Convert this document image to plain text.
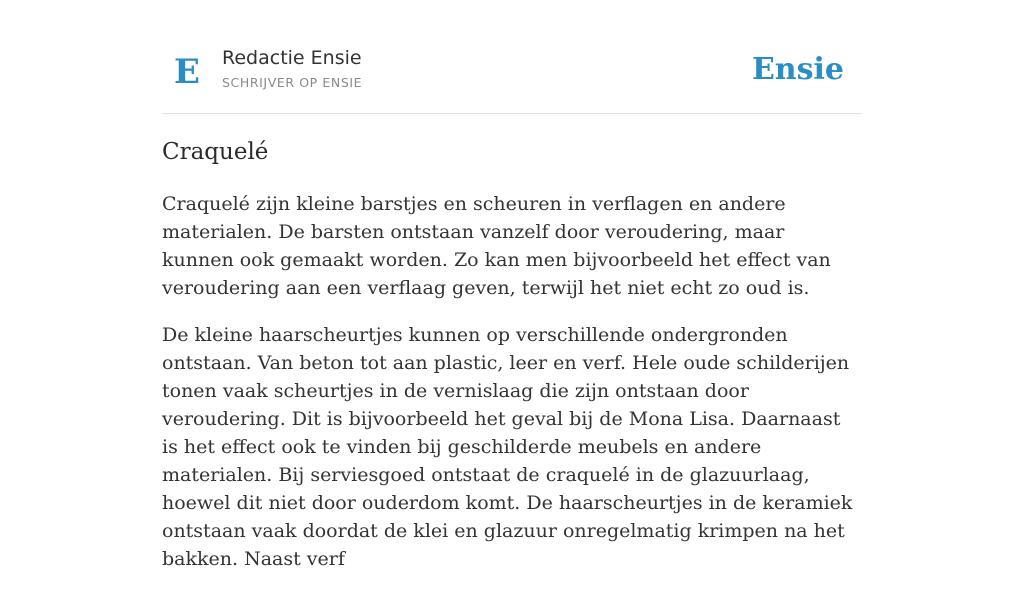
E Redactie Ensie
SCHRIJVER OP ENSIE	Ensie
Craquelé

Craquelé zijn kleine barstjes en scheuren in verflagen en andere materialen. De barsten ontstaan vanzelf door veroudering, maar kunnen ook gemaakt worden. Zo kan men bijvoorbeeld het effect van veroudering aan een verflaag geven, terwijl het niet echt zo oud is.

De kleine haarscheurtjes kunnen op verschillende ondergronden ontstaan. Van beton tot aan plastic, leer en verf. Hele oude schilderijen tonen vaak scheurtjes in de vernislaag die zijn ontstaan door veroudering. Dit is bijvoorbeeld het geval bij de Mona Lisa. Daarnaast is het effect ook te vinden bij geschilderde meubels en andere materialen. Bij serviesgoed ontstaat de craquelé in de glazuurlaag, hoewel dit niet door ouderdom komt. De haarscheurtjes in de keramiek ontstaan vaak doordat de klei en glazuur onregelmatig krimpen na het bakken. Naast verf
